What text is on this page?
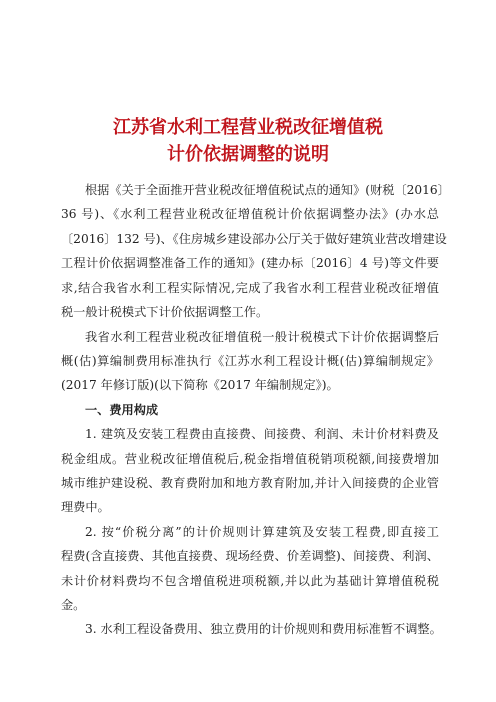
江苏省水利工程营业税改征增值税
计价依据调整的说明
根据《关于全面推开营业税改征增值税试点的通知》(财税〔2016〕
36 号)、《水利工程营业税改征增值税计价依据调整办法》(办水总
〔2016〕132 号)、《住房城乡建设部办公厅关于做好建筑业营改增建设
工程计价依据调整准备工作的通知》(建办标〔2016〕4 号)等文件要
求,结合我省水利工程实际情况,完成了我省水利工程营业税改征增值
税一般计税模式下计价依据调整工作。
我省水利工程营业税改征增值税一般计税模式下计价依据调整后
概(估)算编制费用标准执行《江苏水利工程设计概(估)算编制规定》
(2017 年修订版)(以下简称《2017 年编制规定》)。
一、费用构成
1. 建筑及安装工程费由直接费、间接费、利润、未计价材料费及
税金组成。营业税改征增值税后,税金指增值税销项税额,间接费增加
城市维护建设税、教育费附加和地方教育附加,并计入间接费的企业管
理费中。
2. 按“价税分离”的计价规则计算建筑及安装工程费,即直接工
程费(含直接费、其他直接费、现场经费、价差调整)、间接费、利润、
未计价材料费均不包含增值税进项税额,并以此为基础计算增值税税
金。
3. 水利工程设备费用、独立费用的计价规则和费用标准暂不调整。
